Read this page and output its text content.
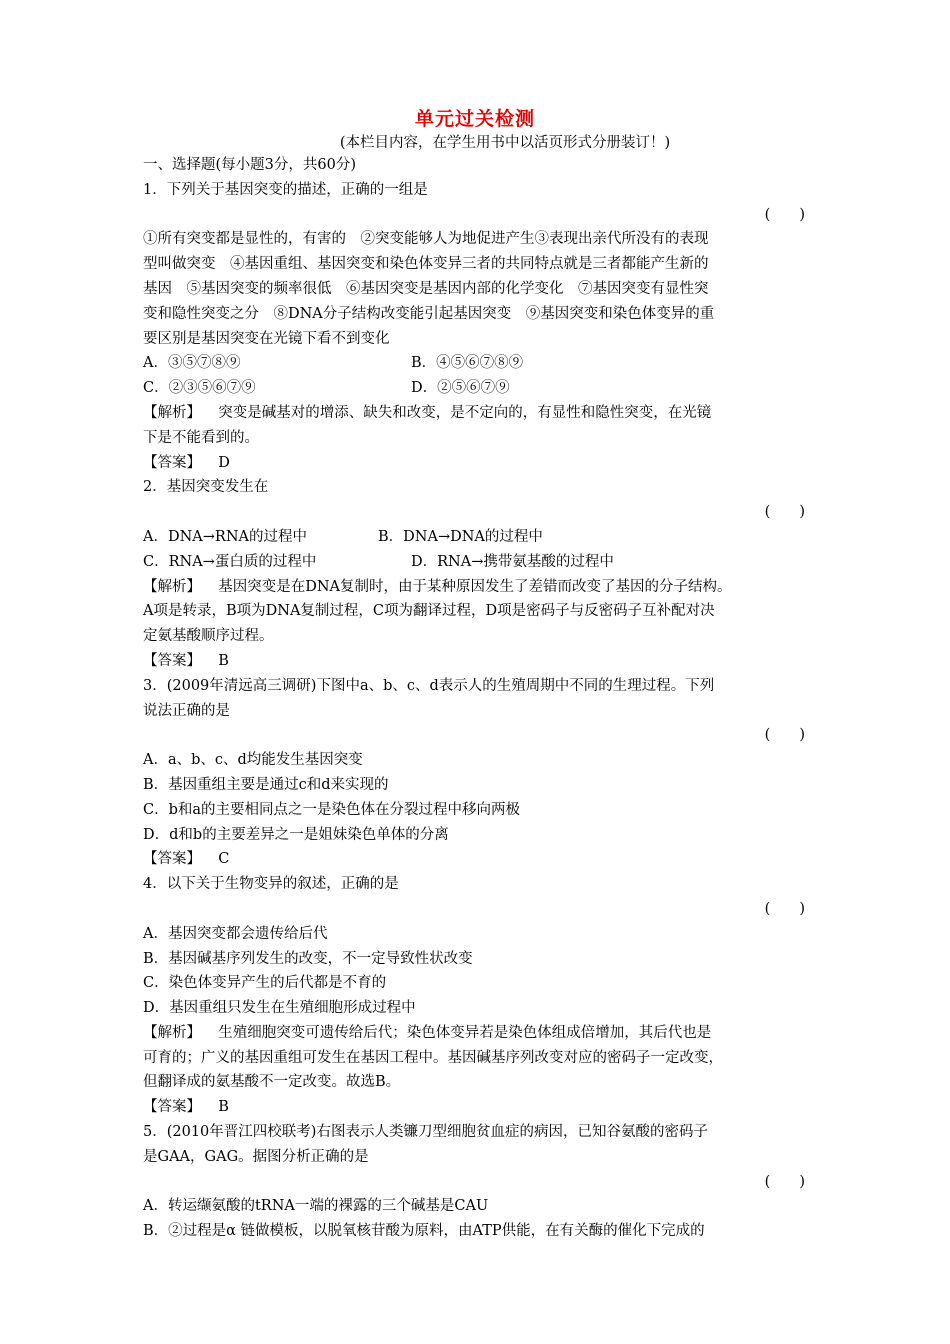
单元过关检测
(本栏目内容，在学生用书中以活页形式分册装订！)
一、选择题(每小题3分，共60分)
1．下列关于基因突变的描述，正确的一组是
(　　)
①所有突变都是显性的，有害的　②突变能够人为地促进产生③表现出亲代所没有的表现
型叫做突变　④基因重组、基因突变和染色体变异三者的共同特点就是三者都能产生新的
基因　⑤基因突变的频率很低　⑥基因突变是基因内部的化学变化　⑦基因突变有显性突
变和隐性突变之分　⑧DNA分子结构改变能引起基因突变　⑨基因突变和染色体变异的重
要区别是基因突变在光镜下看不到变化
A．③⑤⑦⑧⑨	B．④⑤⑥⑦⑧⑨
C．②③⑤⑥⑦⑨	D．②⑤⑥⑦⑨
【解析】　 突变是碱基对的增添、缺失和改变，是不定向的，有显性和隐性突变，在光镜
下是不能看到的。
【答案】　 D
2．基因突变发生在
(　　)
A．DNA→RNA的过程中	B．DNA→DNA的过程中
C．RNA→蛋白质的过程中	D．RNA→携带氨基酸的过程中
【解析】　 基因突变是在DNA复制时，由于某种原因发生了差错而改变了基因的分子结构。
A项是转录，B项为DNA复制过程，C项为翻译过程，D项是密码子与反密码子互补配对决
定氨基酸顺序过程。
【答案】　 B
3．(2009年清远高三调研)下图中a、b、c、d表示人的生殖周期中不同的生理过程。下列
说法正确的是
(　　)
A．a、b、c、d均能发生基因突变
B．基因重组主要是通过c和d来实现的
C．b和a的主要相同点之一是染色体在分裂过程中移向两极
D．d和b的主要差异之一是姐妹染色单体的分离
【答案】　 C
4．以下关于生物变异的叙述，正确的是
(　　)
A．基因突变都会遗传给后代
B．基因碱基序列发生的改变，不一定导致性状改变
C．染色体变异产生的后代都是不育的
D．基因重组只发生在生殖细胞形成过程中
【解析】　 生殖细胞突变可遗传给后代；染色体变异若是染色体组成倍增加，其后代也是
可育的；广义的基因重组可发生在基因工程中。基因碱基序列改变对应的密码子一定改变，
但翻译成的氨基酸不一定改变。故选B。
【答案】　 B
5．(2010年晋江四校联考)右图表示人类镰刀型细胞贫血症的病因，已知谷氨酸的密码子
是GAA，GAG。据图分析正确的是
(　　)
A．转运缬氨酸的tRNA一端的裸露的三个碱基是CAU
B．②过程是α 链做模板，以脱氧核苷酸为原料，由ATP供能，在有关酶的催化下完成的
